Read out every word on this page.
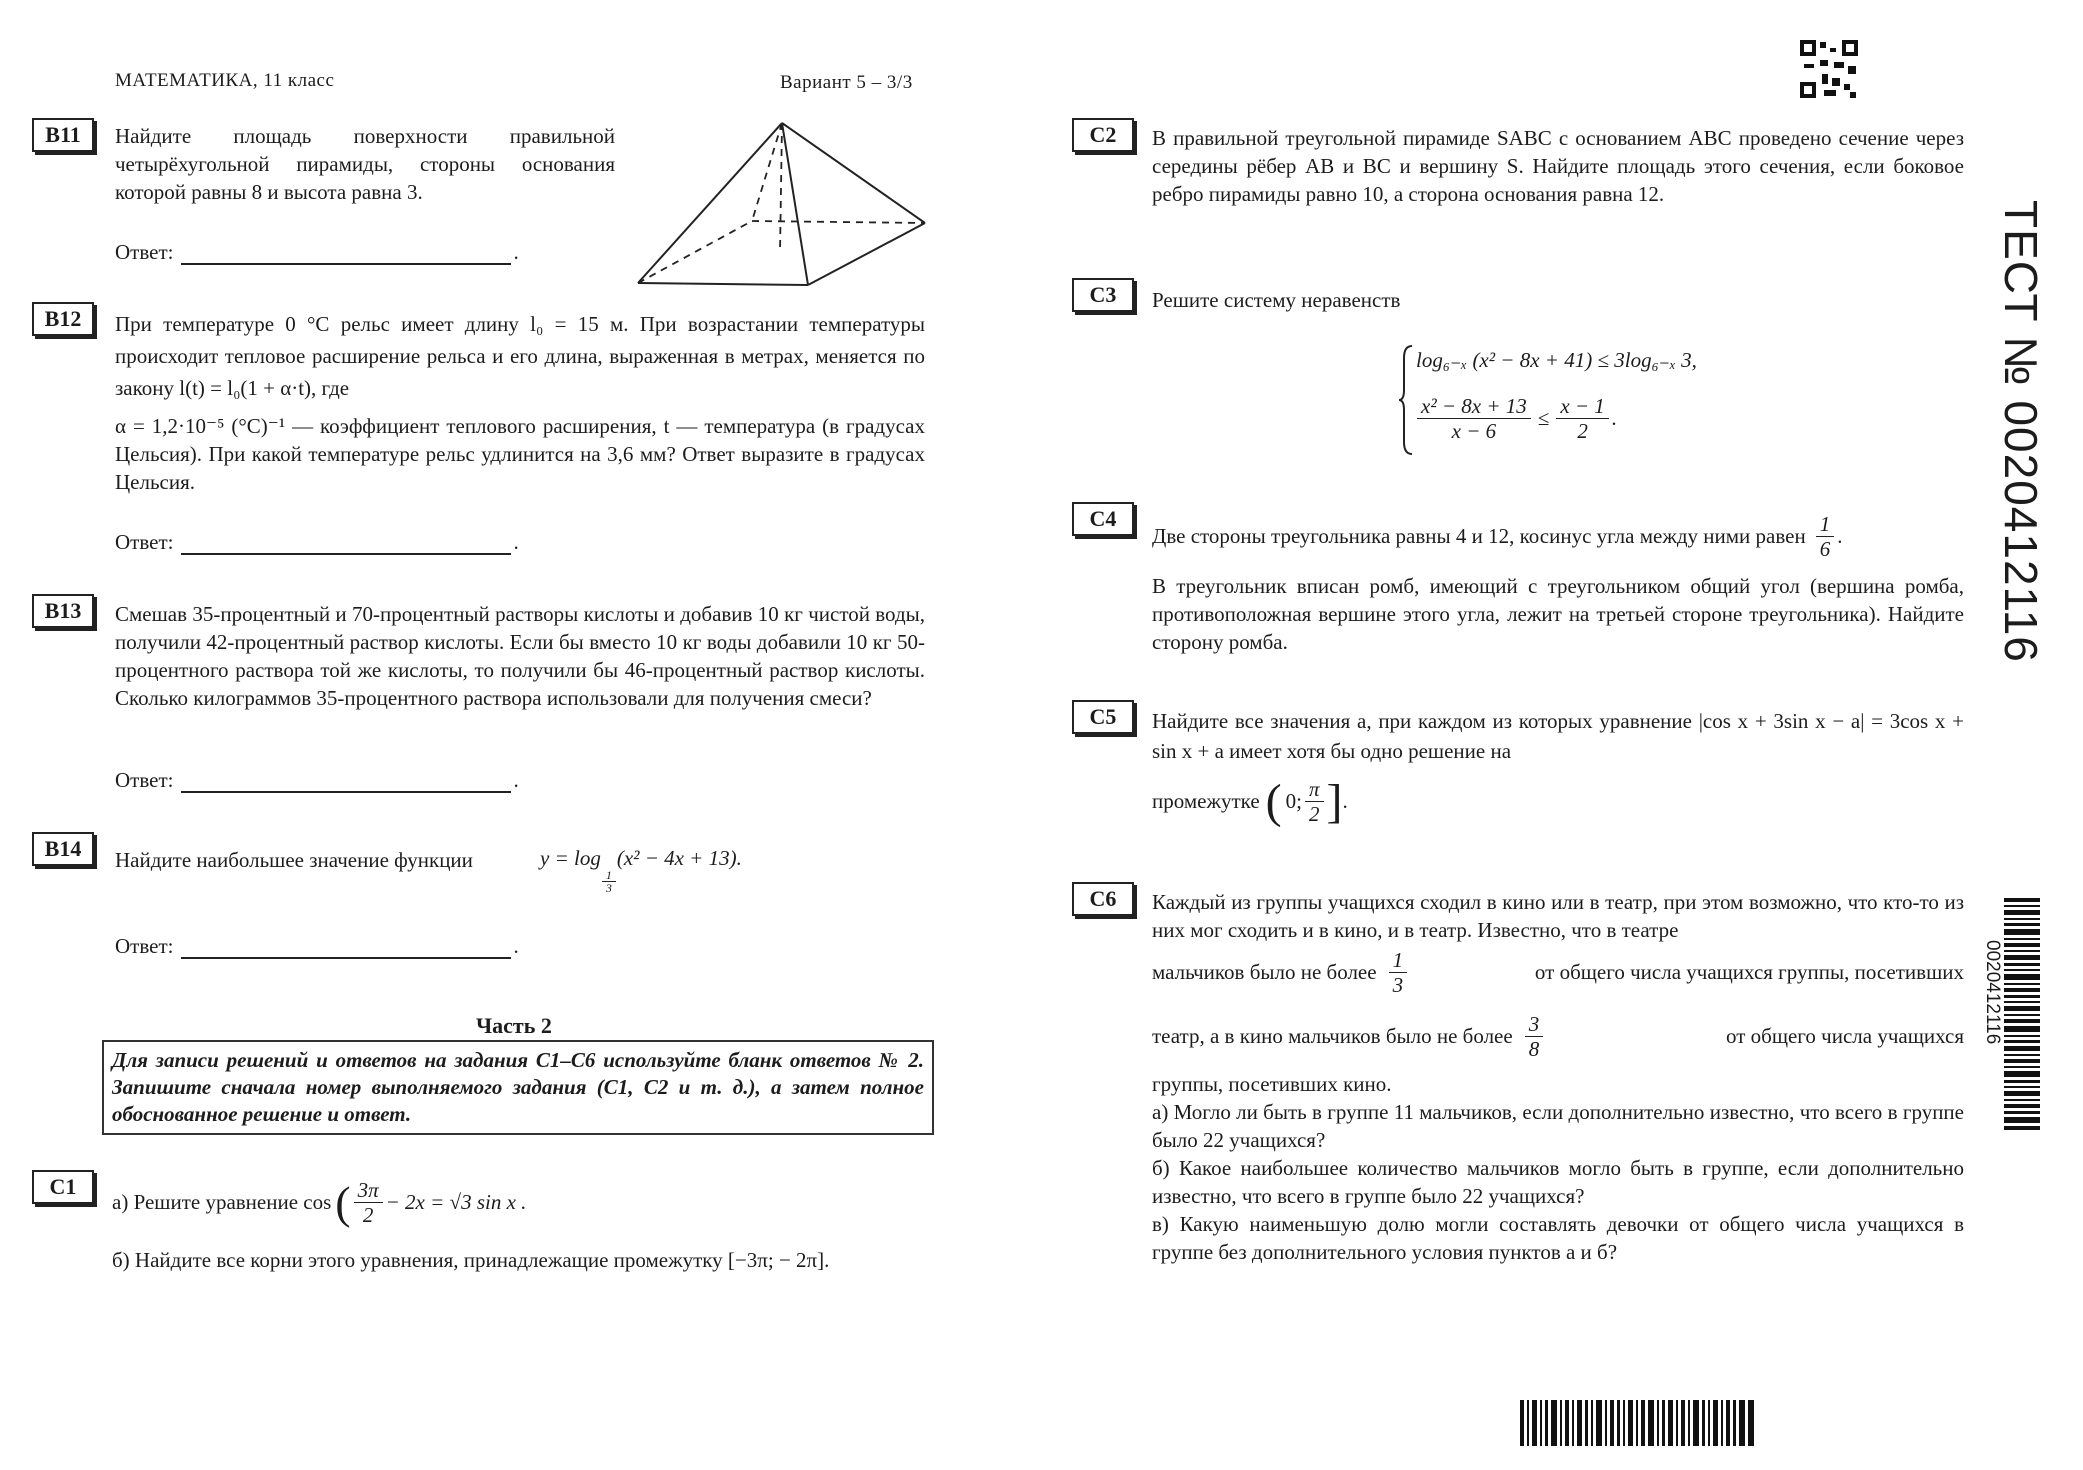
МАТЕМАТИКА, 11 класс	Вариант 5 – 3/3
B11	Найдите площадь поверхности правильной четырёхугольной пирамиды, стороны основания которой равны 8 и высота равна 3.
Ответ:	.
B12	При температуре 0 °C рельс имеет длину l₀ = 15 м. При возрастании температуры происходит тепловое расширение рельса и его длина, выраженная в метрах, меняется по закону l(t) = l₀(1 + α·t), где
α = 1,2·10⁻⁵ (°C)⁻¹ — коэффициент теплового расширения, t — температура (в градусах Цельсия). При какой температуре рельс удлинится на 3,6 мм? Ответ выразите в градусах Цельсия.
Ответ:	.
B13	Смешав 35-процентный и 70-процентный растворы кислоты и добавив 10 кг чистой воды, получили 42-процентный раствор кислоты. Если бы вместо 10 кг воды добавили 10 кг 50-процентного раствора той же кислоты, то получили бы 46-процентный раствор кислоты. Сколько килограммов 35-процентного раствора использовали для получения смеси?
Ответ:	.
B14	Найдите наибольшее значение функции	y = log
$\frac{1}{3}$
(x² − 4x + 13).
Ответ:	.
Часть 2
Для записи решений и ответов на задания C1–C6 используйте бланк ответов № 2. Запишите сначала номер выполняемого задания (C1, C2 и т. д.), а затем полное обоснованное решение и ответ.
C1
а) Решите уравнение cos ( $\frac{3\pi}{2} - 2x = √3$ sin x .
б) Найдите все корни этого уравнения, принадлежащие промежутку [−3π; − 2π].
C2	В правильной треугольной пирамиде SABC с основанием ABC проведено сечение через середины рёбер AB и BC и вершину S. Найдите площадь этого сечения, если боковое ребро пирамиды равно 10, а сторона основания равна 12.
C3	Решите систему неравенств
log₆₋ₓ (x² − 8x + 41) ≤ 3log₆₋ₓ 3,
$\frac{\text{x² − 8x + 13}}{x - 6} \le \frac{x - 1}{2}$ .
C4
Две стороны треугольника равны 4 и 12, косинус угла между ними равен $\frac{1}{6}$ .
В треугольник вписан ромб, имеющий с треугольником общий угол (вершина ромба, противоположная вершине этого угла, лежит на третьей стороне треугольника). Найдите сторону ромба.
C5	Найдите все значения a, при каждом из которых уравнение |cos x + 3sin x − a| = 3cos x + sin x + a имеет хотя бы одно решение на
промежутке ( 0; $\frac{\pi}{2}$ ] .
C6	Каждый из группы учащихся сходил в кино или в театр, при этом возможно, что кто-то из них мог сходить и в кино, и в театр. Известно, что в театре
мальчиков было не более $\frac{1}{3}$	от общего числа учащихся группы, посетивших
театр, а в кино мальчиков было не более $\frac{3}{8}$	от общего числа учащихся
группы, посетивших кино.
а) Могло ли быть в группе 11 мальчиков, если дополнительно известно, что всего в группе было 22 учащихся?
б) Какое наибольшее количество мальчиков могло быть в группе, если дополнительно известно, что всего в группе было 22 учащихся?
в) Какую наименьшую долю могли составлять девочки от общего числа учащихся в группе без дополнительного условия пунктов а и б?
ТЕСТ № 0020412116
0020412116
